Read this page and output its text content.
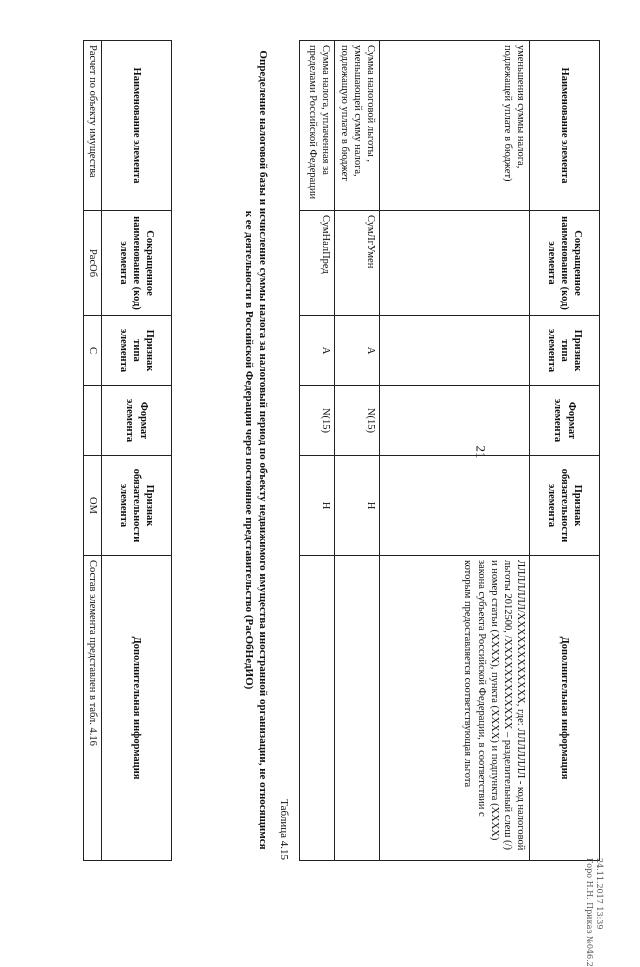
21
Наименование элемента	Сокращенное наименование (код) элемента	Признак типа элемента	Формат элемента	Признак обязательности элемента	Дополнительная информация
уменьшения суммы налога, подлежащей уплате в бюджет)					ЛЛЛЛЛЛЛ/ХХХХХХХХХХХХ, где: ЛЛЛЛЛЛЛ - код налоговой льготы 2012500, /ХХХХХХХХХХХХ – разделительный слеш (/) и номер статьи (ХХХХ), пункта (ХХХХ) и подпункта (ХХХХ) закона субъекта Российской Федерации, в соответствии с которым предоставляется соответствующая льгота
Сумма налоговой льготы , уменьшающей сумму налога, подлежащую уплате в бюджет	СумЛгУмен	А	N(15)	Н	
Сумма налога, уплаченная за пределами Российской Федерации	СумНалПред	А	N(15)	Н	
Таблица 4.15
Определение налоговой базы и исчисление суммы налога за налоговый период по объекту недвижимого имущества иностранной организации, не относящимся к ее деятельности в Российской Федерации через постоянное представительство (РасОбНедИО)
Наименование элемента	Сокращенное наименование (код) элемента	Признак типа элемента	Формат элемента	Признак обязательности элемента	Дополнительная информация
Расчет по объекту имущества	РасОб	С		ОМ	Состав элемента представлен в табл. 4.16
24.11.2017 13:39
Горо Н.Н. Приказ №046.2
